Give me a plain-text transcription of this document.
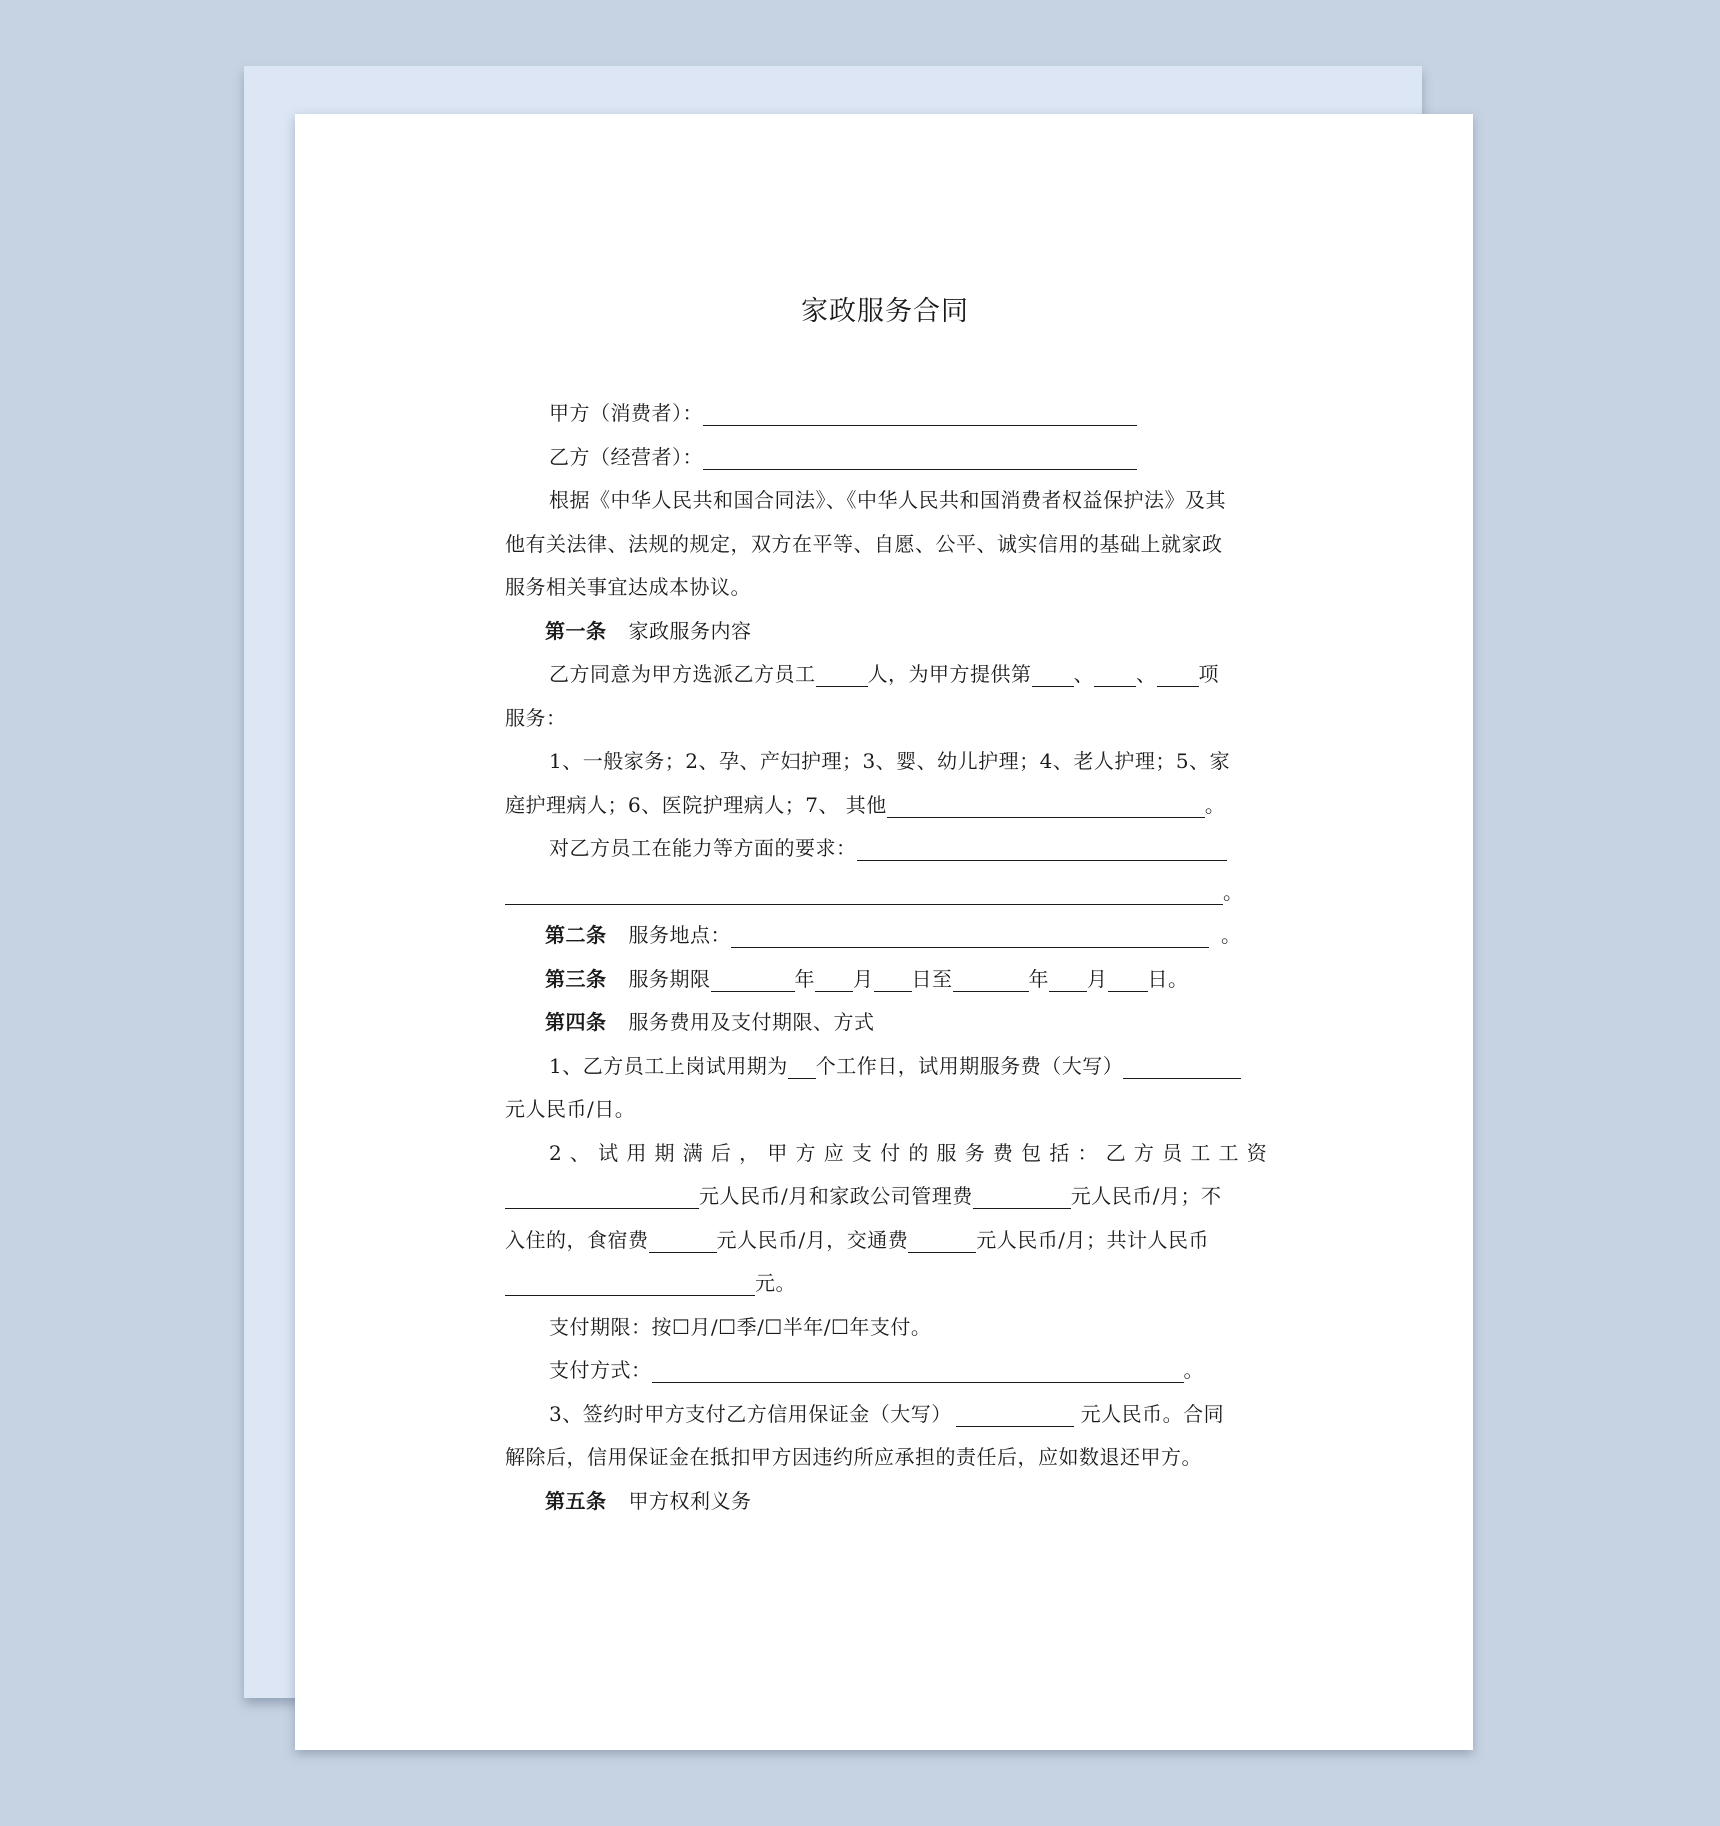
家政服务合同
甲方（消费者）：
乙方（经营者）：
根据《中华人民共和国合同法》、《中华人民共和国消费者权益保护法》及其
他有关法律、法规的规定，双方在平等、自愿、公平、诚实信用的基础上就家政
服务相关事宜达成本协议。
第一条 家政服务内容
乙方同意为甲方选派乙方员工	人，为甲方提供第 、 、 项
服务：
1、一般家务；2、孕、产妇护理；3、婴、幼儿护理；4、老人护理；5、家
庭护理病人；6、医院护理病人；7、 其他	。
对乙方员工在能力等方面的要求：
。
第二条 服务地点：	。
第三条 服务期限	年 月 日至	年 月 日。
第四条 服务费用及支付期限、方式
1、乙方员工上岗试用期为 个工作日，试用期服务费（大写）
元人民币/日。
2、试用期满后，甲方应支付的服务费包括：乙方员工工资
元人民币/月和家政公司管理费	元人民币/月；不
入住的，食宿费	元人民币/月，交通费	元人民币/月；共计人民币
元。
支付期限：按☐月/☐季/☐半年/☐年支付。
支付方式：	。
3、签约时甲方支付乙方信用保证金（大写）	元人民币。合同
解除后，信用保证金在抵扣甲方因违约所应承担的责任后，应如数退还甲方。
第五条 甲方权利义务
